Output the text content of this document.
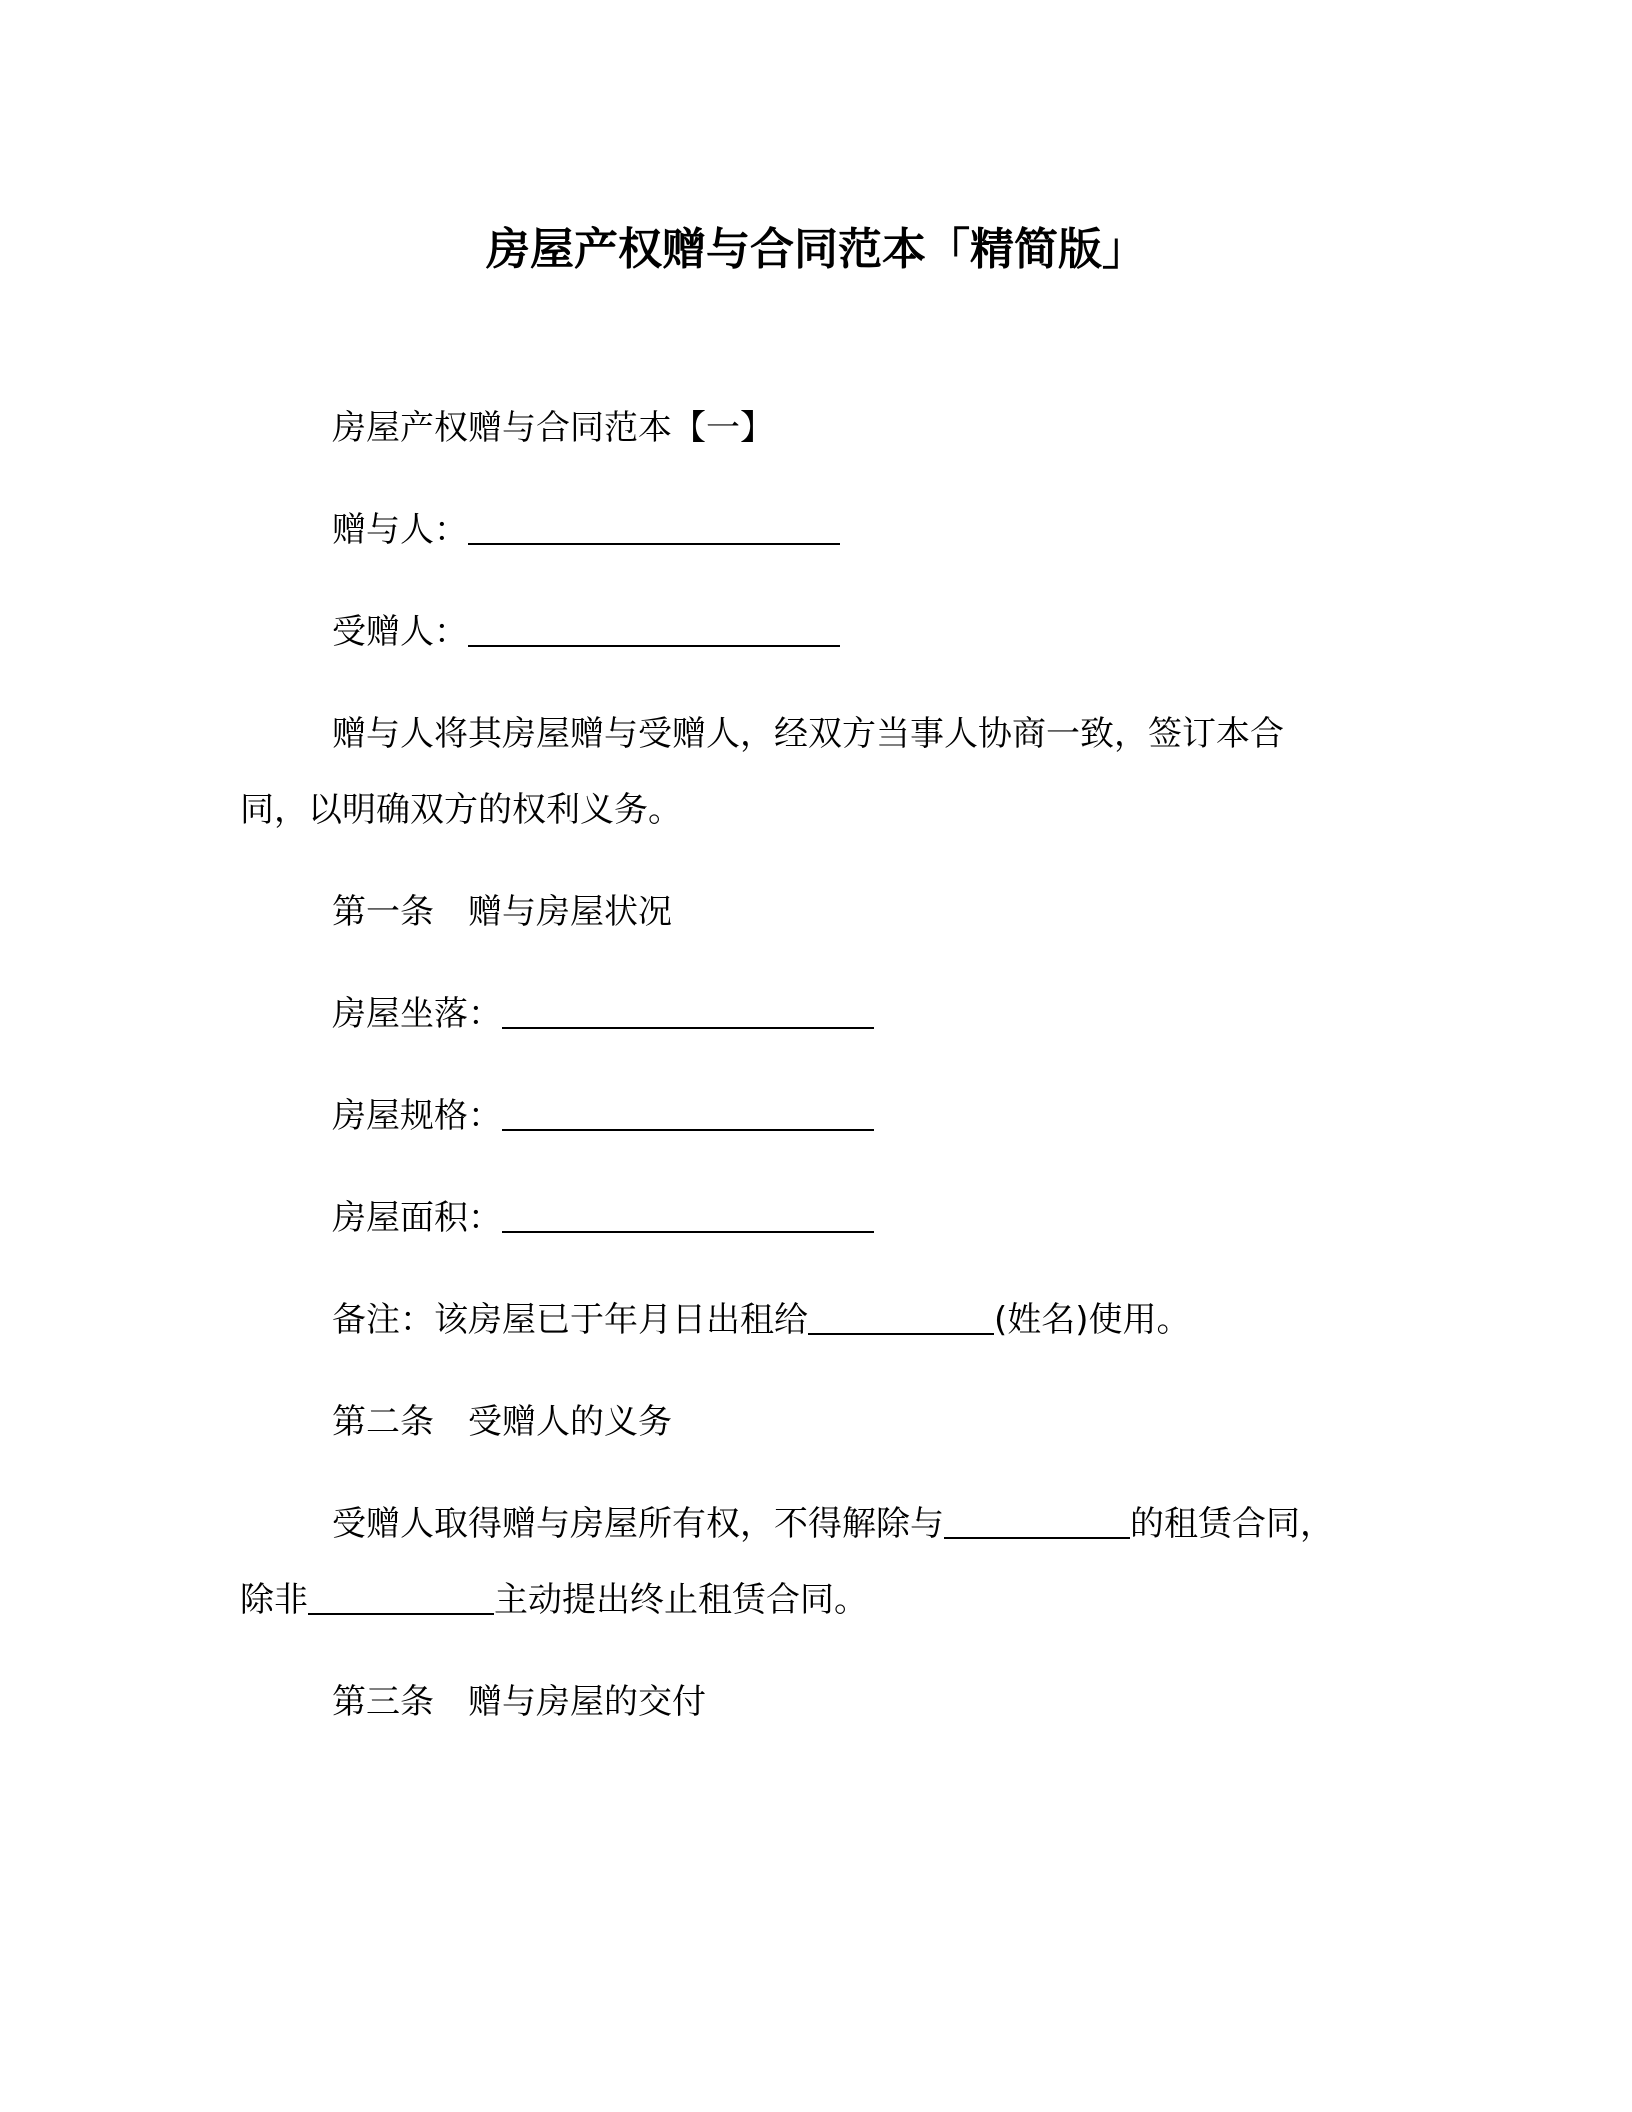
房屋产权赠与合同范本「精简版」
房屋产权赠与合同范本【一】
赠与人：
受赠人：
赠与人将其房屋赠与受赠人，经双方当事人协商一致，签订本合
同，以明确双方的权利义务。
第一条　赠与房屋状况
房屋坐落：
房屋规格：
房屋面积：
备注：该房屋已于年月日出租给	(姓名)使用。
第二条　受赠人的义务
受赠人取得赠与房屋所有权，不得解除与	的租赁合同，
除非	主动提出终止租赁合同。
第三条　赠与房屋的交付
